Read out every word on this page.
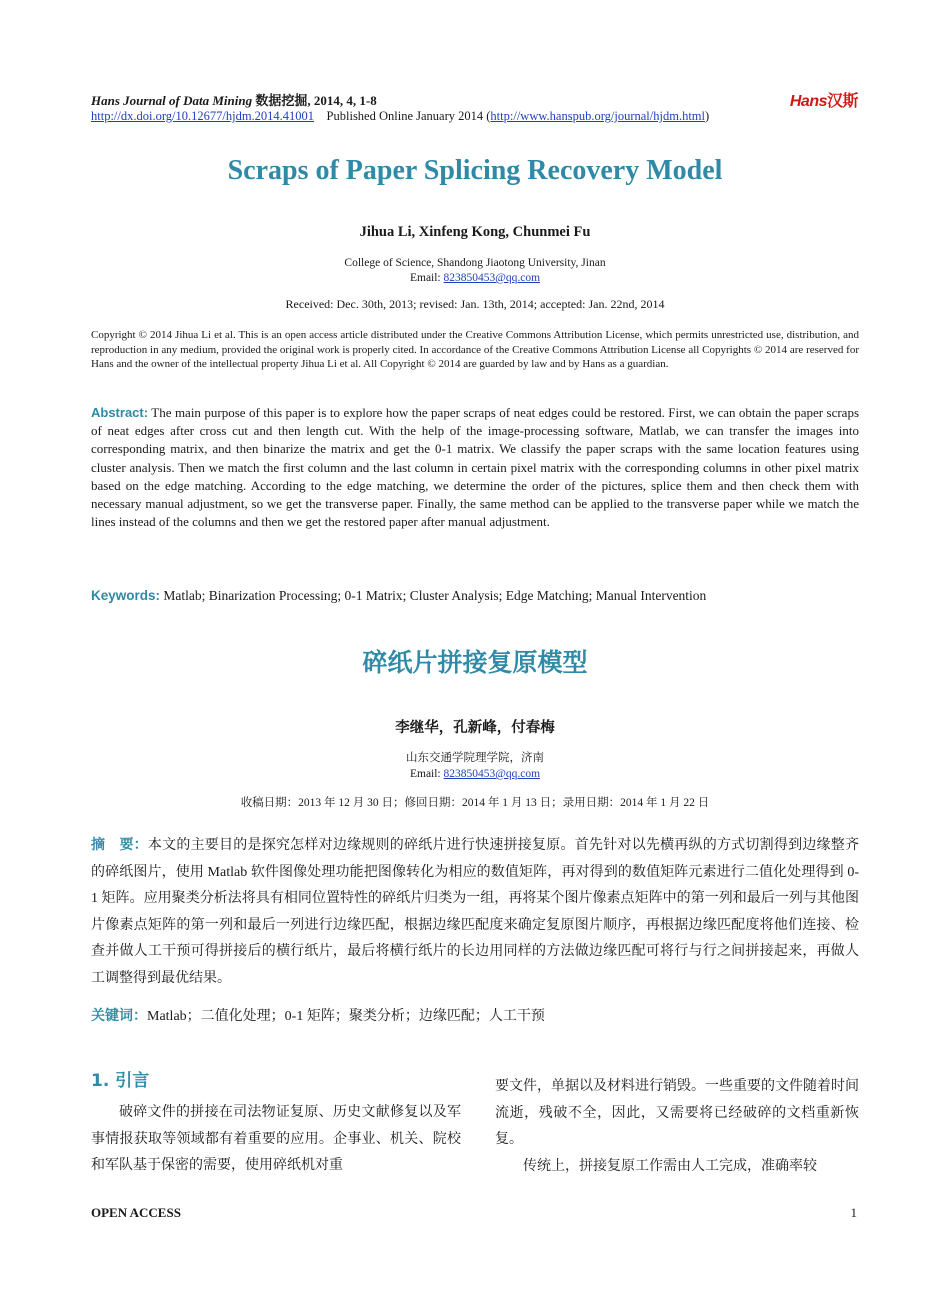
Hans Journal of Data Mining 数据挖掘, 2014, 4, 1-8	Hans汉斯
http://dx.doi.org/10.12677/hjdm.2014.41001 Published Online January 2014 (http://www.hanspub.org/journal/hjdm.html)
Scraps of Paper Splicing Recovery Model
Jihua Li, Xinfeng Kong, Chunmei Fu
College of Science, Shandong Jiaotong University, Jinan
Email: 823850453@qq.com
Received: Dec. 30th, 2013; revised: Jan. 13th, 2014; accepted: Jan. 22nd, 2014
Copyright © 2014 Jihua Li et al. This is an open access article distributed under the Creative Commons Attribution License, which permits unrestricted use, distribution, and reproduction in any medium, provided the original work is properly cited. In accordance of the Creative Commons Attribution License all Copyrights © 2014 are reserved for Hans and the owner of the intellectual property Jihua Li et al. All Copyright © 2014 are guarded by law and by Hans as a guardian.
Abstract: The main purpose of this paper is to explore how the paper scraps of neat edges could be restored. First, we can obtain the paper scraps of neat edges after cross cut and then length cut. With the help of the image-processing software, Matlab, we can transfer the images into corresponding matrix, and then binarize the matrix and get the 0-1 matrix. We classify the paper scraps with the same location features using cluster analysis. Then we match the first column and the last column in certain pixel matrix with the corresponding columns in other pixel matrix based on the edge matching. According to the edge matching, we determine the order of the pictures, splice them and then check them with necessary manual adjustment, so we get the transverse paper. Finally, the same method can be applied to the transverse paper while we match the lines instead of the columns and then we get the restored paper after manual adjustment.
Keywords: Matlab; Binarization Processing; 0-1 Matrix; Cluster Analysis; Edge Matching; Manual Intervention
碎纸片拼接复原模型
李继华，孔新峰，付春梅
山东交通学院理学院，济南
Email: 823850453@qq.com
收稿日期：2013 年 12 月 30 日；修回日期：2014 年 1 月 13 日；录用日期：2014 年 1 月 22 日
摘　要：本文的主要目的是探究怎样对边缘规则的碎纸片进行快速拼接复原。首先针对以先横再纵的方式切割得到边缘整齐的碎纸图片，使用 Matlab 软件图像处理功能把图像转化为相应的数值矩阵，再对得到的数值矩阵元素进行二值化处理得到 0-1 矩阵。应用聚类分析法将具有相同位置特性的碎纸片归类为一组，再将某个图片像素点矩阵中的第一列和最后一列与其他图片像素点矩阵的第一列和最后一列进行边缘匹配，根据边缘匹配度来确定复原图片顺序，再根据边缘匹配度将他们连接、检查并做人工干预可得拼接后的横行纸片，最后将横行纸片的长边用同样的方法做边缘匹配可将行与行之间拼接起来，再做人工调整得到最优结果。
关键词：Matlab；二值化处理；0-1 矩阵；聚类分析；边缘匹配；人工干预
1. 引言

破碎文件的拼接在司法物证复原、历史文献修复以及军事情报获取等领域都有着重要的应用。企事业、机关、院校和军队基于保密的需要，使用碎纸机对重

要文件，单据以及材料进行销毁。一些重要的文件随着时间流逝，残破不全，因此，又需要将已经破碎的文档重新恢复。

传统上，拼接复原工作需由人工完成，准确率较

OPEN ACCESS	1
